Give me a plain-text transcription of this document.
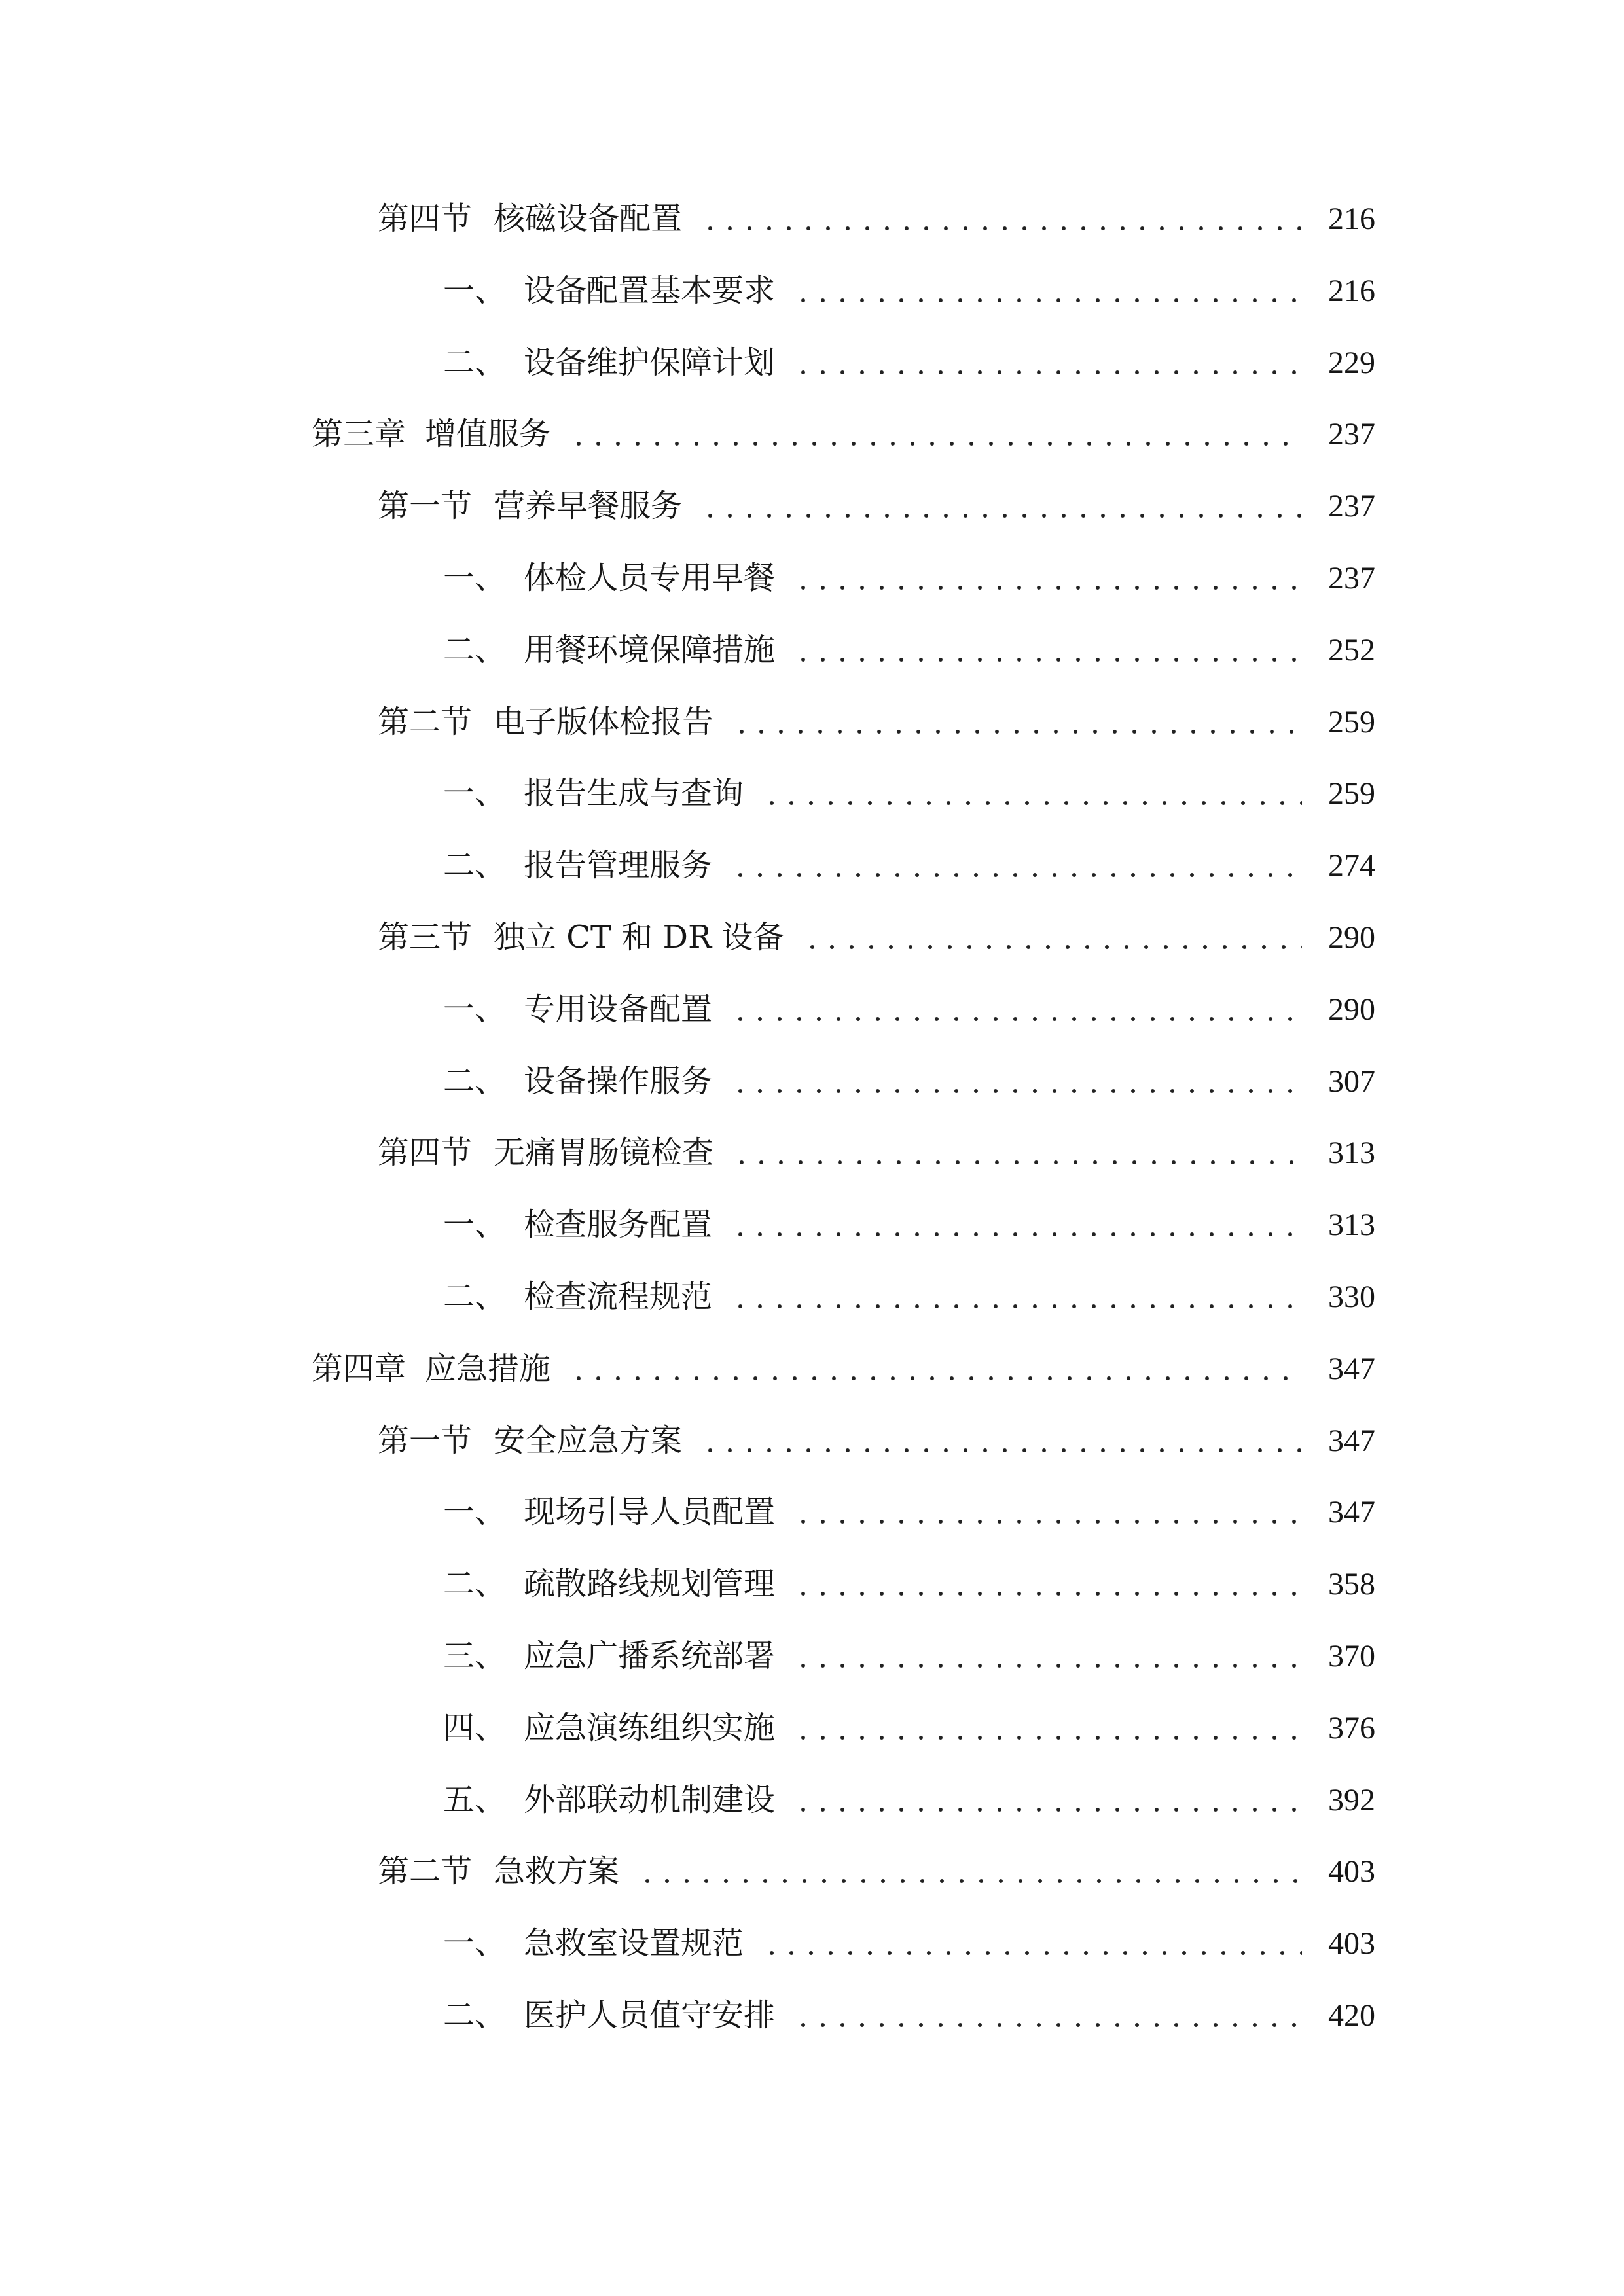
第四节 核磁设备配置	216
一、 设备配置基本要求	216
二、 设备维护保障计划	229
第三章 增值服务	237
第一节 营养早餐服务	237
一、 体检人员专用早餐	237
二、 用餐环境保障措施	252
第二节 电子版体检报告	259
一、 报告生成与查询	259
二、 报告管理服务	274
第三节 独立 CT 和 DR 设备	290
一、 专用设备配置	290
二、 设备操作服务	307
第四节 无痛胃肠镜检查	313
一、 检查服务配置	313
二、 检查流程规范	330
第四章 应急措施	347
第一节 安全应急方案	347
一、 现场引导人员配置	347
二、 疏散路线规划管理	358
三、 应急广播系统部署	370
四、 应急演练组织实施	376
五、 外部联动机制建设	392
第二节 急救方案	403
一、 急救室设置规范	403
二、 医护人员值守安排	420
